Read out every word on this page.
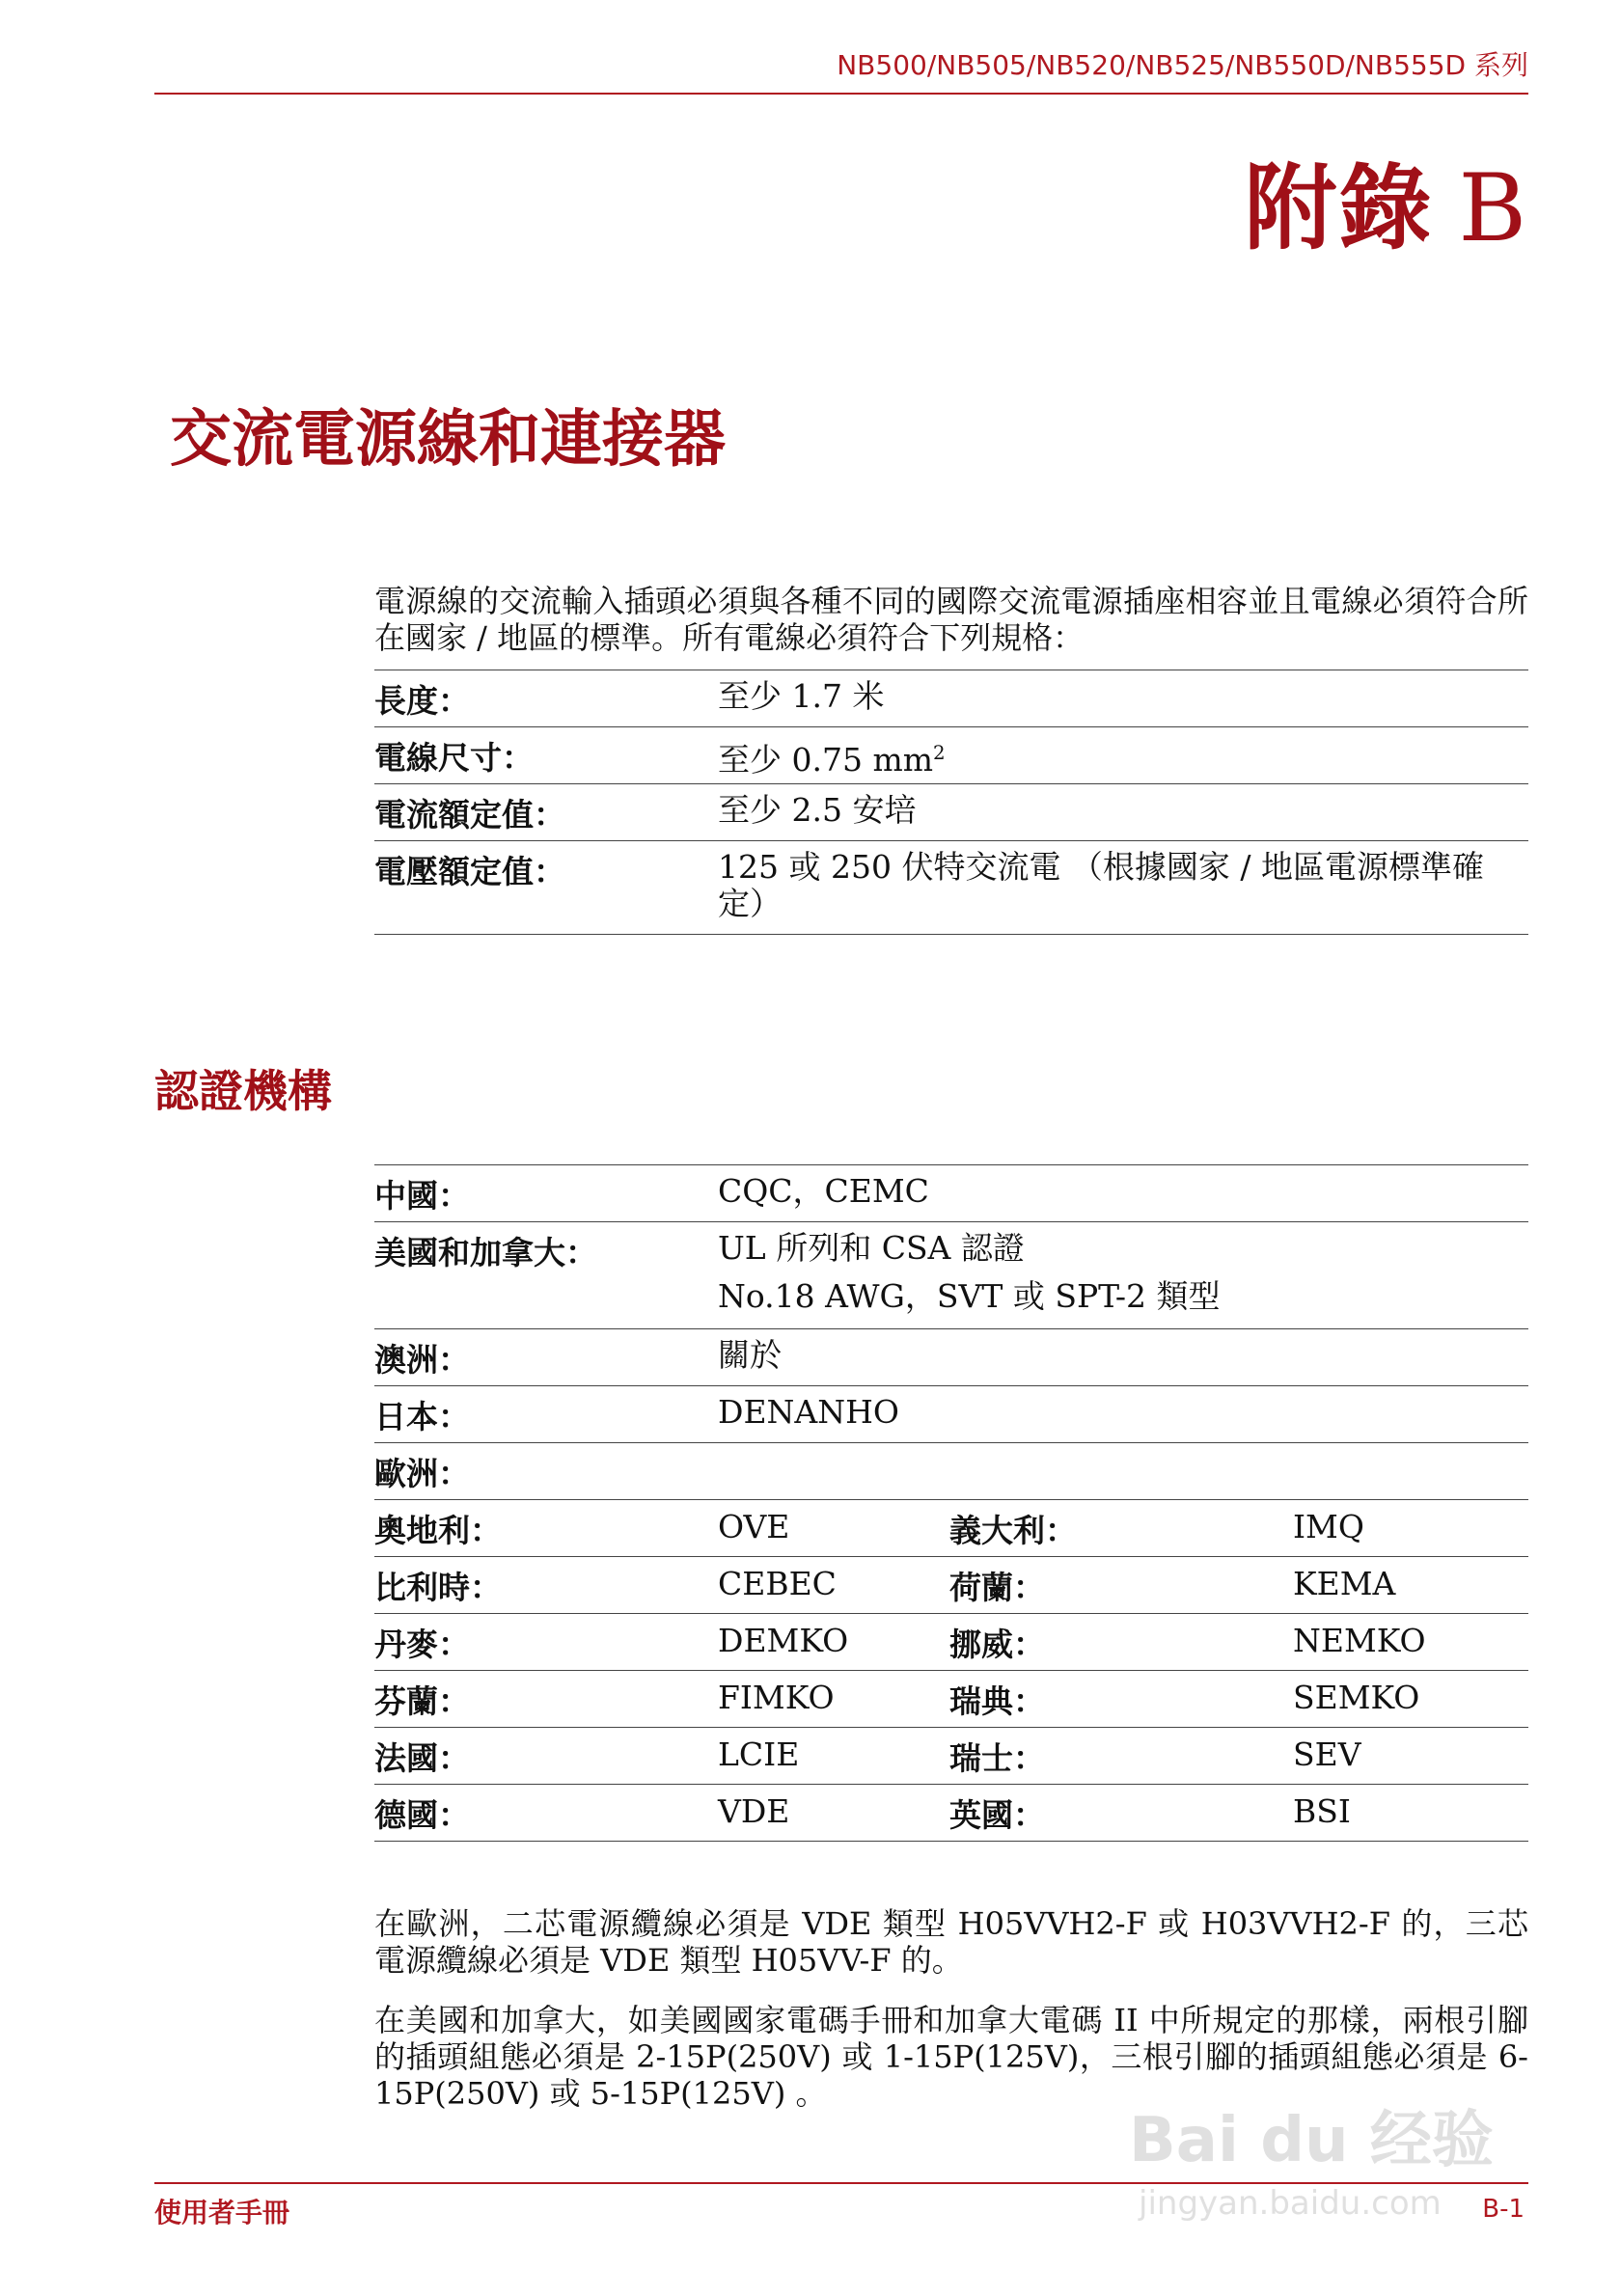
NB500/NB505/NB520/NB525/NB550D/NB555D 系列
附錄 B
交流電源線和連接器
電源線的交流輸入插頭必須與各種不同的國際交流電源插座相容並且電線必須符合所在國家 / 地區的標準。所有電線必須符合下列規格：
長度：	至少 1.7 米
電線尺寸：	至少 0.75 $mm^2$
電流額定值：	至少 2.5 安培
電壓額定值：	125 或 250 伏特交流電 （根據國家 / 地區電源標準確定）
認證機構
中國：	CQC，CEMC
美國和加拿大：	UL 所列和 CSA 認證
No.18 AWG，SVT 或 SPT-2 類型
澳洲：	關於
日本：	DENANHO
歐洲：
奧地利：	OVE	義大利：	IMQ
比利時：	CEBEC	荷蘭：	KEMA
丹麥：	DEMKO	挪威：	NEMKO
芬蘭：	FIMKO	瑞典：	SEMKO
法國：	LCIE	瑞士：	SEV
德國：	VDE	英國：	BSI
在歐洲，二芯電源纜線必須是 VDE 類型 H05VVH2-F 或 H03VVH2-F 的，三芯電源纜線必須是 VDE 類型 H05VV-F 的。
在美國和加拿大，如美國國家電碼手冊和加拿大電碼 II 中所規定的那樣，兩根引腳的插頭組態必須是 2-15P(250V) 或 1-15P(125V)，三根引腳的插頭組態必須是 6-15P(250V) 或 5-15P(125V) 。
Bai du 经验
jingyan.baidu.com
使用者手冊	B-1
